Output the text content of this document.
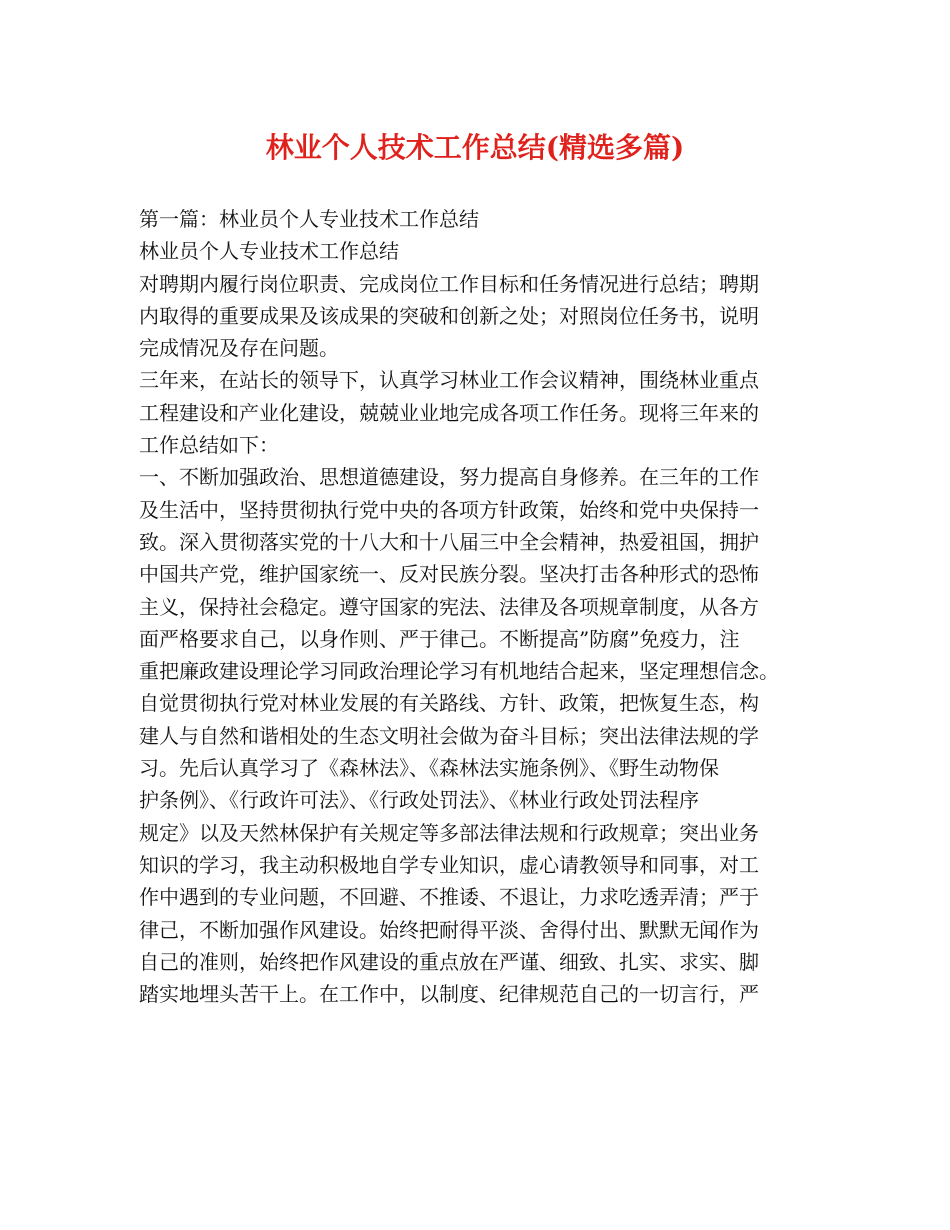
林业个人技术工作总结(精选多篇)
第一篇：林业员个人专业技术工作总结
林业员个人专业技术工作总结
对聘期内履行岗位职责、完成岗位工作目标和任务情况进行总结；聘期
内取得的重要成果及该成果的突破和创新之处；对照岗位任务书，说明
完成情况及存在问题。
三年来，在站长的领导下，认真学习林业工作会议精神，围绕林业重点
工程建设和产业化建设，兢兢业业地完成各项工作任务。现将三年来的
工作总结如下：
一、不断加强政治、思想道德建设，努力提高自身修养。在三年的工作
及生活中，坚持贯彻执行党中央的各项方针政策，始终和党中央保持一
致。深入贯彻落实党的十八大和十八届三中全会精神，热爱祖国，拥护
中国共产党，维护国家统一、反对民族分裂。坚决打击各种形式的恐怖
主义，保持社会稳定。遵守国家的宪法、法律及各项规章制度，从各方
面严格要求自己，以身作则、严于律己。不断提高”防腐”免疫力，注
重把廉政建设理论学习同政治理论学习有机地结合起来，坚定理想信念。
自觉贯彻执行党对林业发展的有关路线、方针、政策，把恢复生态，构
建人与自然和谐相处的生态文明社会做为奋斗目标；突出法律法规的学
习。先后认真学习了《森林法》、《森林法实施条例》、《野生动物保
护条例》、《行政许可法》、《行政处罚法》、《林业行政处罚法程序
规定》以及天然林保护有关规定等多部法律法规和行政规章；突出业务
知识的学习，我主动积极地自学专业知识，虚心请教领导和同事，对工
作中遇到的专业问题，不回避、不推诿、不退让，力求吃透弄清；严于
律己，不断加强作风建设。始终把耐得平淡、舍得付出、默默无闻作为
自己的准则，始终把作风建设的重点放在严谨、细致、扎实、求实、脚
踏实地埋头苦干上。在工作中，以制度、纪律规范自己的一切言行，严
